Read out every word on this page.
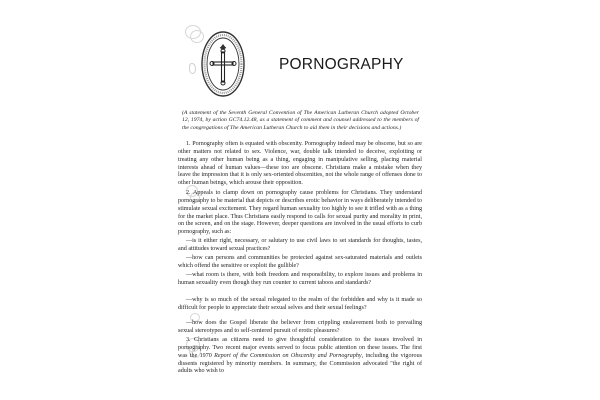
PORNOGRAPHY

(A statement of the Seventh General Convention of The American Lutheran Church adopted October 12, 1974, by action GC74.12.48, as a statement of comment and counsel addressed to the members of the congregations of The American Lutheran Church to aid them in their decisions and actions.)

1. Pornography often is equated with obscenity. Pornography indeed may be obscene, but so are other matters not related to sex. Violence, war, double talk intended to deceive, exploiting or treating any other human being as a thing, engaging in manipulative selling, placing material interests ahead of human values—these too are obscene. Christians make a mistake when they leave the impression that it is only sex-oriented obscenities, not the whole range of offenses done to other human beings, which arouse their opposition.

2. Appeals to clamp down on pornography cause problems for Christians. They understand pornography to be material that depicts or describes erotic behavior in ways deliberately intended to stimulate sexual excitement. They regard human sexuality too highly to see it trifled with as a thing for the market place. Thus Christians easily respond to calls for sexual purity and morality in print, on the screen, and on the stage. However, deeper questions are involved in the usual efforts to curb pornography, such as:

—is it either right, necessary, or salutary to use civil laws to set standards for thoughts, tastes, and attitudes toward sexual practices?

—how can persons and communities be protected against sex-saturated materials and outlets which offend the sensitive or exploit the gullible?

—what room is there, with both freedom and responsibility, to explore issues and problems in human sexuality even though they run counter to current taboos and standards?

—why is so much of the sexual relegated to the realm of the forbidden and why is it made so difficult for people to appreciate their sexual selves and their sexual feelings?

—how does the Gospel liberate the believer from crippling enslavement both to prevailing sexual stereotypes and to self-centered pursuit of erotic pleasures?

3. Christians as citizens need to give thoughtful consideration to the issues involved in pornography. Two recent major events served to focus public attention on these issues. The first was the 1970 Report of the Commission on Obscenity and Pornography, including the vigorous dissents registered by minority members. In summary, the Commission advocated "the right of adults who wish to
